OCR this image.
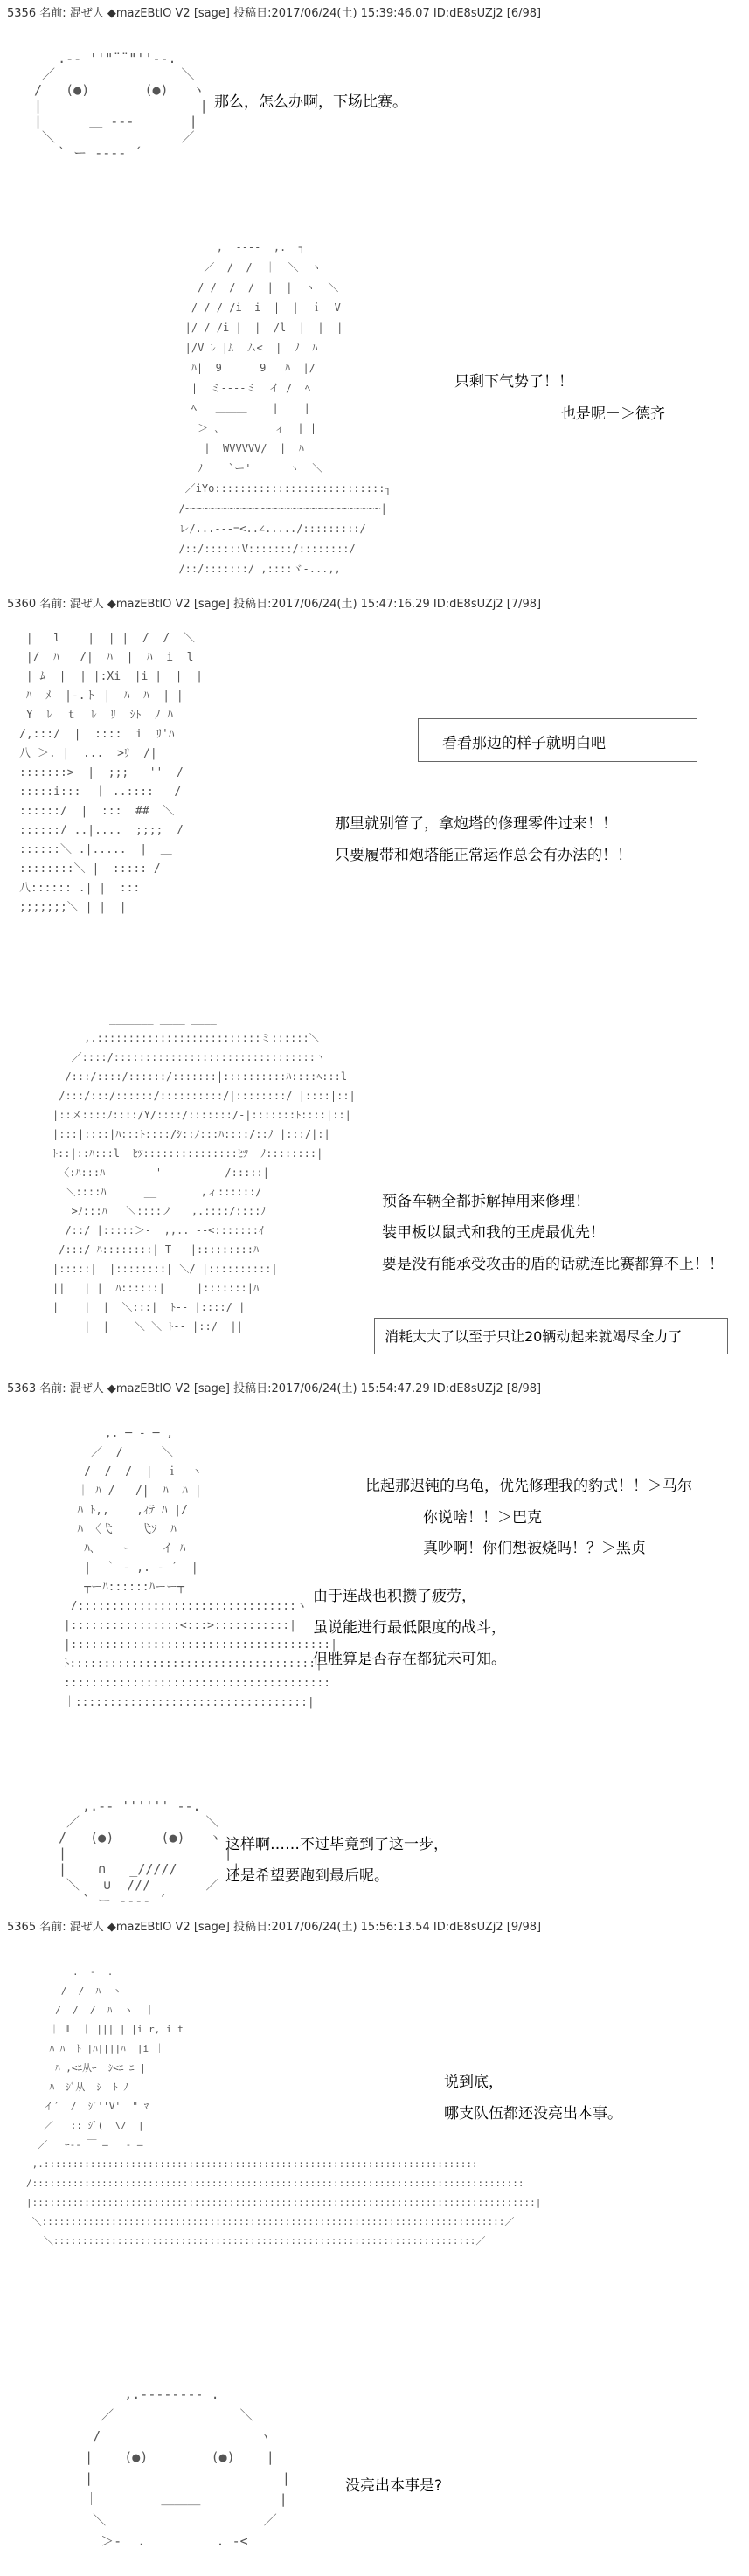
5356 名前: 混ぜ人 ◆mazEBtlO V2 [sage] 投稿日:2017/06/24(土) 15:39:46.07 ID:dE8sUZj2 [6/98]
.-‐ ''"¨¨"''‐-.
／                ＼
/   (●)       (●)   ヽ
|                    |
|      ＿ -‐-       |
＼                ／
` ー ‐‐‐‐ ´
那么，怎么办啊，下场比赛。
,  -‐‐-  ,.  ┐
／  /  /  ｜  ＼  ヽ
/ /  /  /  |  |  ヽ  ＼
/ / / /i  i  |  |  ｉ  V
|/ / /i |  |  /l  |  |  |
|/V ﾚ |ﾑ  ム<  |  ﾉ  ﾊ
ﾊ|  9      9   ﾊ  |/
|  ミ-‐‐‐ミ  イ /  ﾍ
ﾍ   ＿＿＿    | |  |
＞ ､      ＿ ィ  | |
|  WVVVVV/  |  ﾊ
ﾉ    `ー'      ヽ  ＼
／iYo:::::::::::::::::::::::::::┐
/~~~~~~~~~~~~~~~~~~~~~~~~~~~~~~~|
レ/...---=<..∠...../:::::::::/
/::/::::::V:::::::/::::::::/
/::/:::::::/ ,::::ヾ-...,,
只剩下气势了！！
也是呢－＞德齐
5360 名前: 混ぜ人 ◆mazEBtlO V2 [sage] 投稿日:2017/06/24(土) 15:47:16.29 ID:dE8sUZj2 [7/98]
|   l    |  | |  /  /  ＼
|/  ﾊ   /|  ﾊ  |  ﾊ  i  l
| ﾑ  |  | |:Xi  |i |  |  |
ﾊ  ﾒ  |-.ト |  ﾊ  ﾊ  | |
Y  ﾚ  ｔ  ﾚ  ﾘ  ｼﾄ  ﾉ ﾊ
/,:::/  |  ::::  i  ﾘ'ﾊ
八 ＞. |  ...  >ﾘ  /|
:::::::>  |  ;;;   ''  /
:::::i:::  ｜ ..::::   /
::::::/  |  :::  ##  ＼
::::::/ ..|....  ;;;;  /
::::::＼ .|.....  |  ＿
::::::::＼ |  ::::: /
八:::::: .| |  :::
;;;;;;;＼ | |  |
看看那边的样子就明白吧
那里就别管了，拿炮塔的修理零件过来！！
只要履带和炮塔能正常运作总会有办法的！！
_______ ____ ____
,.::::::::::::::::::::::::::ミ::::::＼
／::::/::::::::::::::::::::::::::::::::ヽ
/:::/::::/::::::/:::::::|::::::::::ﾊ::::ﾍ:::l
/:::/:::/::::::/::::::::::/|::::::::/ |::::|::|
|::メ::::ﾉ::::/Y/::::/:::::::/-|:::::::ﾄ::::|::|
|:::|::::|ﾊ:::ﾄ::::/ｼ::ﾉ:::ﾊ::::/::ﾉ |:::/|:|
ﾄ::|::ﾊ:::l  ﾋﾂ:::::::::::::::ﾋﾂ  ﾉ::::::::|
〈:ﾊ:::ﾊ        '          /:::::|
＼::::ﾊ      __       ,ィ::::::/
>ﾉ:::ﾊ   ＼::::ノ   ,.::::/::::ﾉ
/::/ |:::::＞-  ,,.. -‐<:::::::ｲ
/:::/ ﾊ::::::::| T   |:::::::::ﾊ
|:::::|  |::::::::| ＼/ |::::::::::|
||   | |  ﾊ::::::|     |:::::::|ﾊ
|    |  |  ＼:::|  ﾄ‐‐ |::::/ |
|  |    ＼ ＼ ﾄ‐‐ |::/  ||
预备车辆全都拆解掉用来修理！
装甲板以鼠式和我的王虎最优先！
要是没有能承受攻击的盾的话就连比赛都算不上！！
消耗太大了以至于只让20辆动起来就竭尽全力了
5363 名前: 混ぜ人 ◆mazEBtlO V2 [sage] 投稿日:2017/06/24(土) 15:54:47.29 ID:dE8sUZj2 [8/98]
,. ─ - ─ ,
／  /  ｜  ＼
/  /  /  |  ｉ  ヽ
｜ ﾊ /   /|  ﾊ  ﾊ |
ﾊ ﾄ,,    ,ｨﾃ ﾊ |/
ﾊ 〈弋    弋ｿ  ﾊ
ﾊ､    ー    イ ﾊ
|  ｀ ‐ ,. ‐ ´  |
┬ーﾊ::::::ﾊーー┬
/::::::::::::::::::::::::::::::::ヽ
|::::::::::::::::<:::>:::::::::::|
|::::::::::::::::::::::::::::::::::::::|
ﾄ::::::::::::::::::::::::::::::::::::|
:::::::::::::::::::::::::::::::::::::::
｜::::::::::::::::::::::::::::::::::|
比起那迟钝的乌龟，优先修理我的豹式！！＞马尔
你说啥！！＞巴克
真吵啊！你们想被烧吗！？＞黑贞
由于连战也积攒了疲劳，
虽说能进行最低限度的战斗，
但胜算是否存在都犹未可知。
,.-‐ '''''' ‐-.
／                ＼
/   (●)      (●)   ヽ
|                    |
|    ∩   _/////       |
＼   ∪  ///       ／
` ー ‐‐‐‐ ´
这样啊……不过毕竟到了这一步，
还是希望要跑到最后呢。
5365 名前: 混ぜ人 ◆mazEBtlO V2 [sage] 投稿日:2017/06/24(土) 15:56:13.54 ID:dE8sUZj2 [9/98]
.  -  .
/  /  ﾊ  ヽ
/  /  /  ﾊ  ヽ  ｜
｜ Ⅱ  ｜ ||| | |i r, i t
ﾊ ﾊ  ﾄ |ﾊ||||ﾊ  |i ｜
ﾊ ,<ﾆ从ｰ  ｼ<ﾆ ﾆ |
ﾊ  ｼﾞ从  ｼ  ﾄ ﾉ
イ´  /  ｼﾞ''V'  " ﾏ
／   :: ｼﾞ(  \/  |
／   ｰ‐‐ ￣ ―   ‐ ―
,.:::::::::::::::::::::::::::::::::::::::::::::::::::::::::::::::::::::::::::
/:::::::::::::::::::::::::::::::::::::::::::::::::::::::::::::::::::::::::::::::::::::
|:::::::::::::::::::::::::::::::::::::::::::::::::::::::::::::::::::::::::::::::::::::::|
＼::::::::::::::::::::::::::::::::::::::::::::::::::::::::::::::::::::::::::::::::／
＼:::::::::::::::::::::::::::::::::::::::::::::::::::::::::::::::::::::::::／
说到底，
哪支队伍都还没亮出本事。
,.-‐‐‐‐‐‐- .
／                ＼
/                    ヽ
|    (●)        (●)    |
|                        |
｜        ＿＿＿          |
＼                    ／
＞-  .         . -<
没亮出本事是?
